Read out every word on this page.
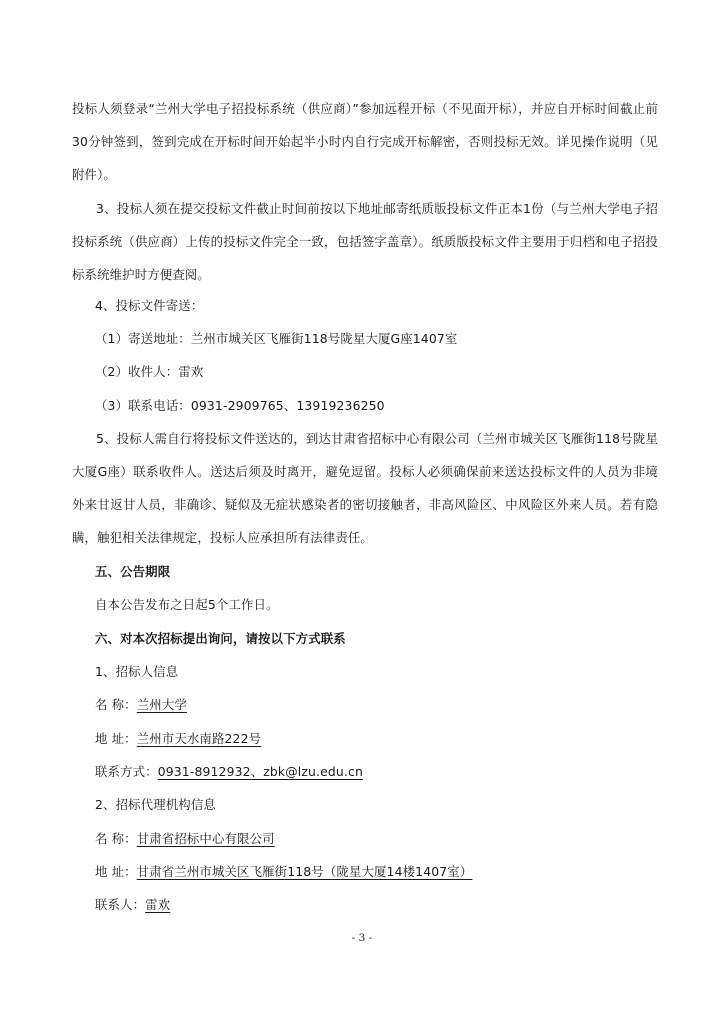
投标人须登录“兰州大学电子招投标系统（供应商）”参加远程开标（不见面开标），并应自开标时间截止前30分钟签到，签到完成在开标时间开始起半小时内自行完成开标解密，否则投标无效。详见操作说明（见附件）。

3、投标人须在提交投标文件截止时间前按以下地址邮寄纸质版投标文件正本1份（与兰州大学电子招投标系统（供应商）上传的投标文件完全一致，包括签字盖章）。纸质版投标文件主要用于归档和电子招投标系统维护时方便查阅。

4、投标文件寄送：
（1）寄送地址：兰州市城关区飞雁街118号陇星大厦G座1407室
（2）收件人：雷欢
（3）联系电话：0931-2909765、13919236250

5、投标人需自行将投标文件送达的，到达甘肃省招标中心有限公司（兰州市城关区飞雁街118号陇星大厦G座）联系收件人。送达后须及时离开，避免逗留。投标人必须确保前来送达投标文件的人员为非境外来甘返甘人员，非确诊、疑似及无症状感染者的密切接触者，非高风险区、中风险区外来人员。若有隐瞒，触犯相关法律规定，投标人应承担所有法律责任。

五、公告期限
自本公告发布之日起5个工作日。
六、对本次招标提出询问，请按以下方式联系
1、招标人信息
名 称：兰州大学
地 址：兰州市天水南路222号
联系方式：0931-8912932、zbk@lzu.edu.cn
2、招标代理机构信息
名 称：甘肃省招标中心有限公司
地 址：甘肃省兰州市城关区飞雁街118号（陇星大厦14楼1407室）
联系人：雷欢
- 3 -
